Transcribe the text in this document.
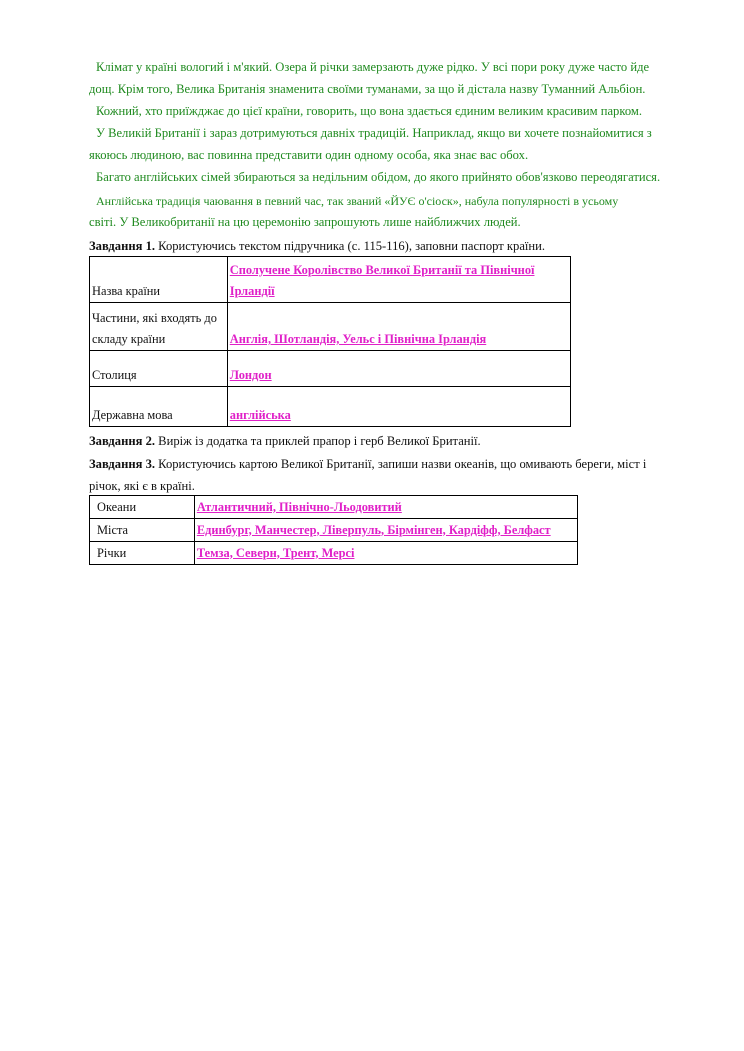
Клімат у країні вологий і м'який. Озера й річки замерзають дуже рідко. У всі пори року дуже часто йде
дощ. Крім того, Велика Британія знаменита своїми туманами, за що й дістала назву Туманний Альбіон.
Кожний, хто приїжджає до цієї країни, говорить, що вона здається єдиним великим красивим парком.
У Великій Британії і зараз дотримуються давніх традицій. Наприклад, якщо ви хочете познайомитися з
якоюсь людиною, вас повинна представити один одному особа, яка знає вас обох.
Багато англійських сімей збираються за недільним обідом, до якого прийнято обов'язково переодягатися.
Англійська традиція чаювання в певний час, так званий «ЙУЄ о'сіоск», набула популярності в усьому
світі. У Великобританії на цю церемонію запрошують лише найближчих людей.
Завдання 1. Користуючись текстом підручника (с. 115-116), заповни паспорт країни.
Назва країни	Сполучене Королівство Великої Британії та Північної
Ірландії

Частини, які входять до
складу країни	Англія, Шотландія, Уельс і Північна Ірландія
Столиця	Лондон
Державна мова	англійська
Завдання 2. Виріж із додатка та приклей прапор і герб Великої Британії.
Завдання 3. Користуючись картою Великої Британії, запиши назви океанів, що омивають береги, міст і
річок, які є в країні.
Океани	Атлантичний, Північно-Льодовитий
Міста	Единбург, Манчестер, Ліверпуль, Бірмінген, Кардіфф, Белфаст
Річки	Темза, Северн, Трент, Мерсі
